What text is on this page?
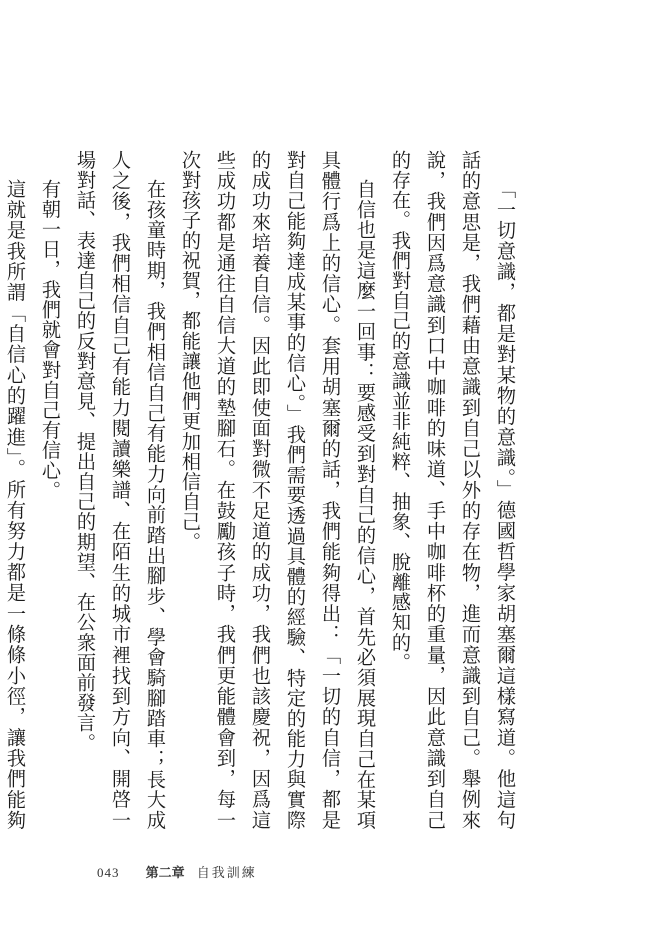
「一切意識，都是對某物的意識。」德國哲學家胡塞爾這樣寫道。他這句話的意思是，我們藉由意識到自己以外的存在物，進而意識到自己。舉例來說，我們因爲意識到口中咖啡的味道、手中咖啡杯的重量，因此意識到自己的存在。我們對自己的意識並非純粹、抽象、脫離感知的。

自信也是這麼一回事：要感受到對自己的信心，首先必須展現自己在某項具體行爲上的信心。套用胡塞爾的話，我們能夠得出：「一切的自信，都是對自己能夠達成某事的信心。」我們需要透過具體的經驗、特定的能力與實際的成功來培養自信。因此即使面對微不足道的成功，我們也該慶祝，因爲這些成功都是通往自信大道的墊腳石。在鼓勵孩子時，我們更能體會到，每一次對孩子的祝賀，都能讓他們更加相信自己。

在孩童時期，我們相信自己有能力向前踏出腳步、學會騎腳踏車；長大成人之後，我們相信自己有能力閱讀樂譜、在陌生的城市裡找到方向、開啓一場對話、表達自己的反對意見、提出自己的期望、在公衆面前發言。

有朝一日，我們就會對自己有信心。

這就是我所謂「自信心的躍進」。所有努力都是一條條小徑，讓我們能夠

043 第二章 自我訓練
